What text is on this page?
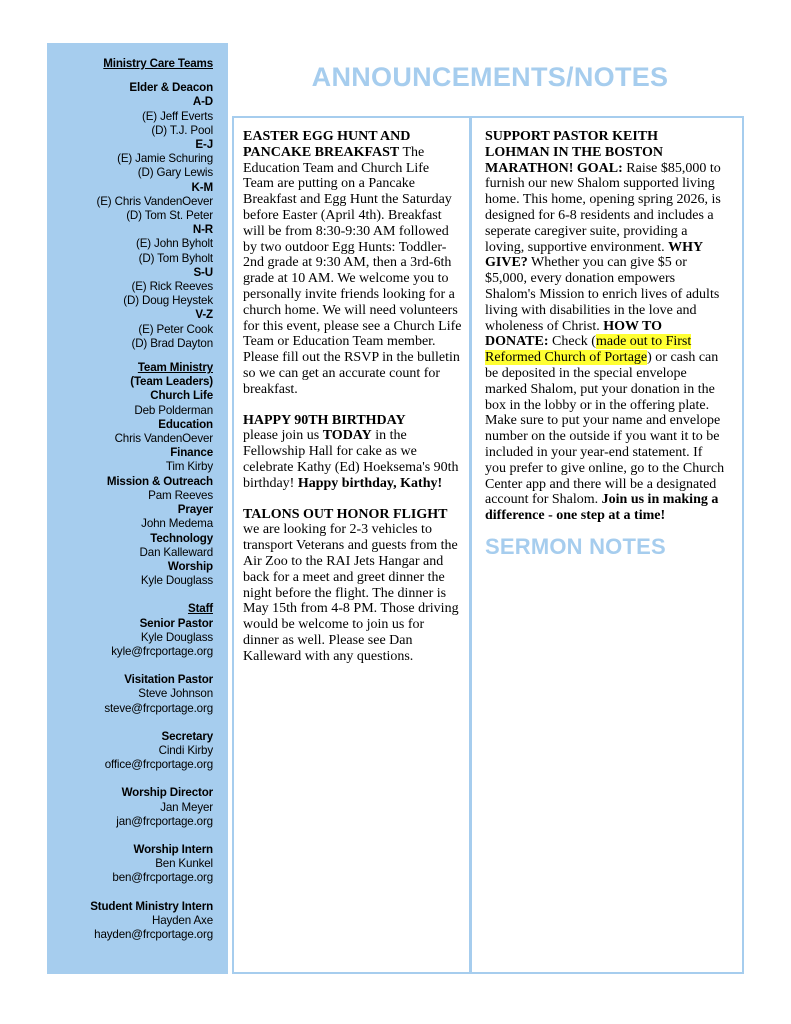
Ministry Care Teams
Elder & Deacon
A-D
(E) Jeff Everts
(D) T.J. Pool
E-J
(E) Jamie Schuring
(D) Gary Lewis
K-M
(E) Chris VandenOever
(D) Tom St. Peter
N-R
(E) John Byholt
(D) Tom Byholt
S-U
(E) Rick Reeves
(D) Doug Heystek
V-Z
(E) Peter Cook
(D) Brad Dayton
Team Ministry
(Team Leaders)
Church Life
Deb Polderman
Education
Chris VandenOever
Finance
Tim Kirby
Mission & Outreach
Pam Reeves
Prayer
John Medema
Technology
Dan Kalleward
Worship
Kyle Douglass
Staff
Senior Pastor
Kyle Douglass
kyle@frcportage.org
Visitation Pastor
Steve Johnson
steve@frcportage.org
Secretary
Cindi Kirby
office@frcportage.org
Worship Director
Jan Meyer
jan@frcportage.org
Worship Intern
Ben Kunkel
ben@frcportage.org
Student Ministry Intern
Hayden Axe
hayden@frcportage.org
ANNOUNCEMENTS/NOTES

EASTER EGG HUNT AND PANCAKE BREAKFAST The Education Team and Church Life Team are putting on a Pancake Breakfast and Egg Hunt the Saturday before Easter (April 4th). Breakfast will be from 8:30-9:30 AM followed by two outdoor Egg Hunts: Toddler-2nd grade at 9:30 AM, then a 3rd-6th grade at 10 AM. We welcome you to personally invite friends looking for a church home. We will need volunteers for this event, please see a Church Life Team or Education Team member. Please fill out the RSVP in the bulletin so we can get an accurate count for breakfast.

HAPPY 90TH BIRTHDAY
please join us TODAY in the Fellowship Hall for cake as we celebrate Kathy (Ed) Hoeksema's 90th birthday! Happy birthday, Kathy!

TALONS OUT HONOR FLIGHT we are looking for 2-3 vehicles to transport Veterans and guests from the Air Zoo to the RAI Jets Hangar and back for a meet and greet dinner the night before the flight. The dinner is May 15th from 4-8 PM. Those driving would be welcome to join us for dinner as well. Please see Dan Kalleward with any questions.

SUPPORT PASTOR KEITH LOHMAN IN THE BOSTON MARATHON! GOAL: Raise $85,000 to furnish our new Shalom supported living home. This home, opening spring 2026, is designed for 6-8 residents and includes a seperate caregiver suite, providing a loving, supportive environment. WHY GIVE? Whether you can give $5 or $5,000, every donation empowers Shalom's Mission to enrich lives of adults living with disabilities in the love and wholeness of Christ. HOW TO DONATE: Check (made out to First Reformed Church of Portage) or cash can be deposited in the special envelope marked Shalom, put your donation in the box in the lobby or in the offering plate. Make sure to put your name and envelope number on the outside if you want it to be included in your year-end statement. If you prefer to give online, go to the Church Center app and there will be a designated account for Shalom. Join us in making a difference - one step at a time!

SERMON NOTES
